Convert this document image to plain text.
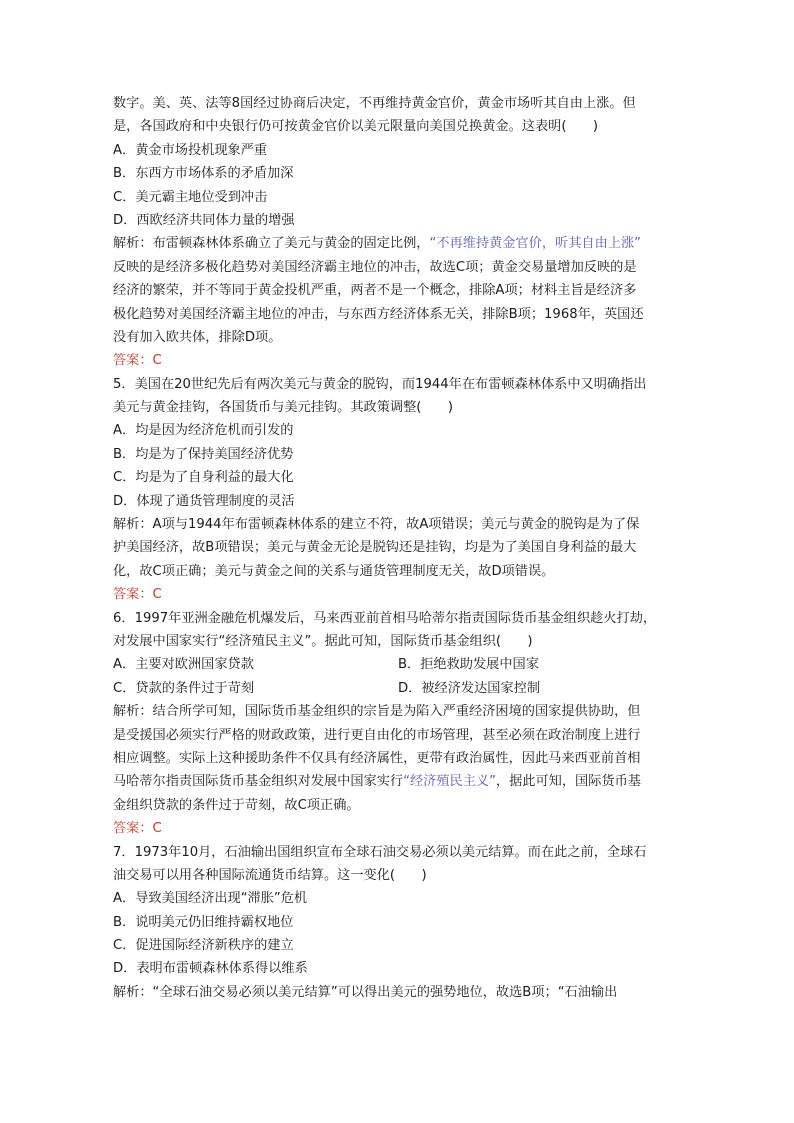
数字。美、英、法等8国经过协商后决定，不再维持黄金官价，黄金市场听其自由上涨。但
是，各国政府和中央银行仍可按黄金官价以美元限量向美国兑换黄金。这表明(　　)
A．黄金市场投机现象严重
B．东西方市场体系的矛盾加深
C．美元霸主地位受到冲击
D．西欧经济共同体力量的增强
解析：布雷顿森林体系确立了美元与黄金的固定比例，“不再维持黄金官价，听其自由上涨”
反映的是经济多极化趋势对美国经济霸主地位的冲击，故选C项；黄金交易量增加反映的是
经济的繁荣，并不等同于黄金投机严重，两者不是一个概念，排除A项；材料主旨是经济多
极化趋势对美国经济霸主地位的冲击，与东西方经济体系无关，排除B项；1968年，英国还
没有加入欧共体，排除D项。
答案：C
5．美国在20世纪先后有两次美元与黄金的脱钩，而1944年在布雷顿森林体系中又明确指出
美元与黄金挂钩，各国货币与美元挂钩。其政策调整(　　)
A．均是因为经济危机而引发的
B．均是为了保持美国经济优势
C．均是为了自身利益的最大化
D．体现了通货管理制度的灵活
解析：A项与1944年布雷顿森林体系的建立不符，故A项错误；美元与黄金的脱钩是为了保
护美国经济，故B项错误；美元与黄金无论是脱钩还是挂钩，均是为了美国自身利益的最大
化，故C项正确；美元与黄金之间的关系与通货管理制度无关，故D项错误。
答案：C
6．1997年亚洲金融危机爆发后，马来西亚前首相马哈蒂尔指责国际货币基金组织趁火打劫，
对发展中国家实行“经济殖民主义”。据此可知，国际货币基金组织(　　)
A．主要对欧洲国家贷款	B．拒绝救助发展中国家
C．贷款的条件过于苛刻	D．被经济发达国家控制
解析：结合所学可知，国际货币基金组织的宗旨是为陷入严重经济困境的国家提供协助，但
是受援国必须实行严格的财政政策，进行更自由化的市场管理，甚至必须在政治制度上进行
相应调整。实际上这种援助条件不仅具有经济属性，更带有政治属性，因此马来西亚前首相
马哈蒂尔指责国际货币基金组织对发展中国家实行“经济殖民主义”，据此可知，国际货币基
金组织贷款的条件过于苛刻，故C项正确。
答案：C
7．1973年10月，石油输出国组织宣布全球石油交易必须以美元结算。而在此之前，全球石
油交易可以用各种国际流通货币结算。这一变化(　　)
A．导致美国经济出现“滞胀”危机
B．说明美元仍旧维持霸权地位
C．促进国际经济新秩序的建立
D．表明布雷顿森林体系得以维系
解析：“全球石油交易必须以美元结算”可以得出美元的强势地位，故选B项；“石油输出
